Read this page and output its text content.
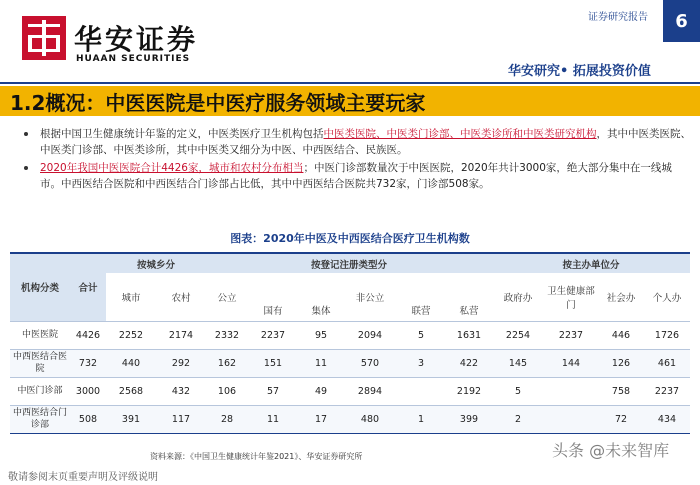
华安证券
HUAAN SECURITIES
证券研究报告	6
华安研究• 拓展投资价值
1.2概况：中医医院是中医疗服务领域主要玩家
根据中国卫生健康统计年鉴的定义，中医类医疗卫生机构包括中医类医院、中医类门诊部、中医类诊所和中医类研究机构，其中中医类医院、中医类门诊部、中医类诊所，其中中医类又细分为中医、中西医结合、民族医。
2020年我国中医医院合计4426家，城市和农村分布相当；中医门诊部数量次于中医医院，2020年共计3000家，绝大部分集中在一线城市。中西医结合医院和中西医结合门诊部占比低，其中中西医结合医院共732家，门诊部508家。
图表：2020年中医及中西医结合医疗卫生机构数
机构分类	合计	按城乡分		按登记注册类型分						按主办单位分			
		城市	农村	公立			非公立			政府办	卫生健康部门	社会办	个人办
					国有	集体		联营	私营				
中医医院	4426	2252	2174	2332	2237	95	2094	5	1631	2254	2237	446	1726
中西医结合医院	732	440	292	162	151	11	570	3	422	145	144	126	461
中医门诊部	3000	2568	432	106	57	49	2894		2192	5		758	2237
中西医结合门诊部	508	391	117	28	11	17	480	1	399	2		72	434
资料来源：《中国卫生健康统计年鉴2021》、华安证券研究所
敬请参阅末页重要声明及评级说明
头条 @未来智库
